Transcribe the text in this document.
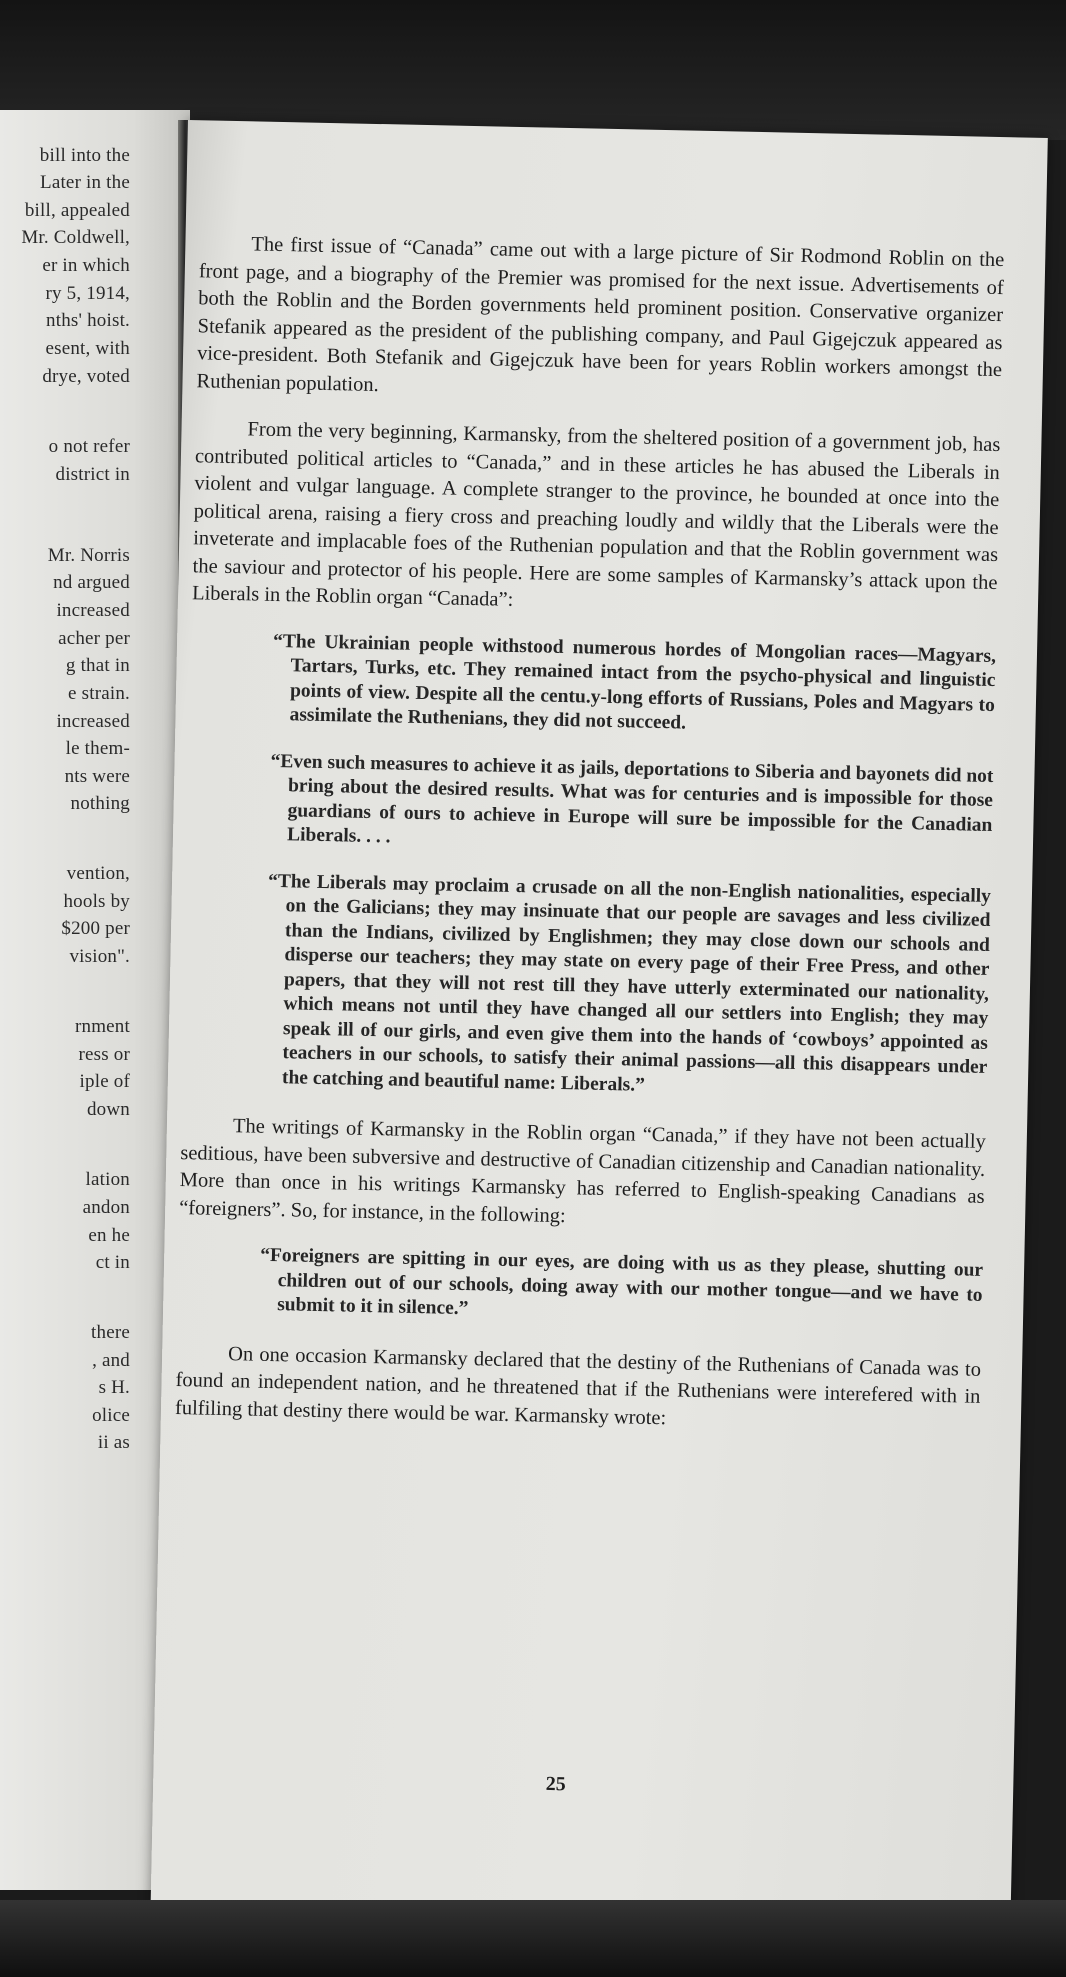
bill into the
Later in the
bill, appealed
Mr. Coldwell,
er in which
ry 5, 1914,
nths' hoist.
esent, with
drye, voted
o not refer
district in
Mr. Norris
nd argued
increased
acher per
g that in
e strain.
increased
le them-
nts were
nothing
vention,
hools by
$200 per
vision".
rnment
ress or
iple of
down
lation
andon
en he
ct in
there
, and
s H.
olice
ii as

The first issue of “Canada” came out with a large picture of Sir Rodmond Roblin on the front page, and a biography of the Premier was promised for the next issue. Advertisements of both the Roblin and the Borden governments held prominent position. Conservative organizer Stefanik appeared as the president of the publishing company, and Paul Gigejczuk appeared as vice-president. Both Stefanik and Gigejczuk have been for years Roblin workers amongst the Ruthenian population.

From the very beginning, Karmansky, from the sheltered position of a government job, has contributed political articles to “Canada,” and in these articles he has abused the Liberals in violent and vulgar language. A complete stranger to the province, he bounded at once into the political arena, raising a fiery cross and preaching loudly and wildly that the Liberals were the inveterate and implacable foes of the Ruthenian population and that the Roblin government was the saviour and protector of his people. Here are some samples of Karmansky’s attack upon the Liberals in the Roblin organ “Canada”:

“The Ukrainian people withstood numerous hordes of Mongolian races—Magyars, Tartars, Turks, etc. They remained intact from the psycho-physical and linguistic points of view. Despite all the centu.y-long efforts of Russians, Poles and Magyars to assimilate the Ruthenians, they did not succeed.

“Even such measures to achieve it as jails, deportations to Siberia and bayonets did not bring about the desired results. What was for centuries and is impossible for those guardians of ours to achieve in Europe will sure be impossible for the Canadian Liberals. . . .

“The Liberals may proclaim a crusade on all the non-English nationalities, especially on the Galicians; they may insinuate that our people are savages and less civilized than the Indians, civilized by Englishmen; they may close down our schools and disperse our teachers; they may state on every page of their Free Press, and other papers, that they will not rest till they have utterly exterminated our nationality, which means not until they have changed all our settlers into English; they may speak ill of our girls, and even give them into the hands of ‘cowboys’ appointed as teachers in our schools, to satisfy their animal passions—all this disappears under the catching and beautiful name: Liberals.”

The writings of Karmansky in the Roblin organ “Canada,” if they have not been actually seditious, have been subversive and destructive of Canadian citizenship and Canadian nationality. More than once in his writings Karmansky has referred to English-speaking Canadians as “foreigners”. So, for instance, in the following:

“Foreigners are spitting in our eyes, are doing with us as they please, shutting our children out of our schools, doing away with our mother tongue—and we have to submit to it in silence.”

On one occasion Karmansky declared that the destiny of the Ruthenians of Canada was to found an independent nation, and he threatened that if the Ruthenians were interefered with in fulfiling that destiny there would be war. Karmansky wrote:

25
